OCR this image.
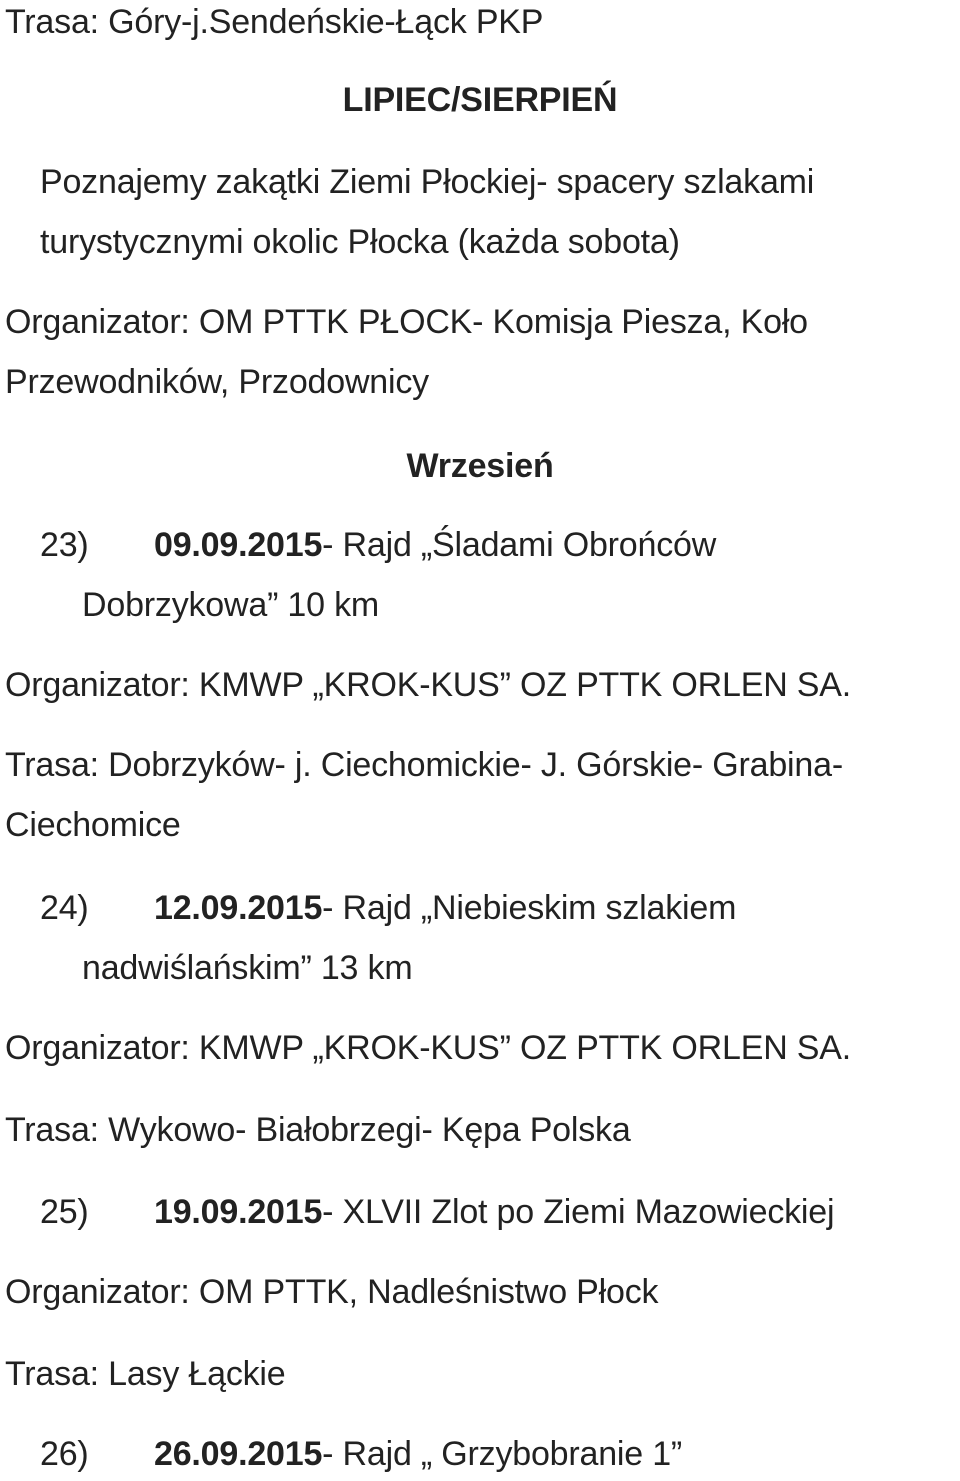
Trasa: Góry-j.Sendeńskie-Łąck PKP
LIPIEC/SIERPIEŃ
Poznajemy zakątki Ziemi Płockiej- spacery szlakami
turystycznymi okolic Płocka (każda sobota)
Organizator: OM PTTK PŁOCK- Komisja Piesza, Koło
Przewodników, Przodownicy
Wrzesień
23) 09.09.2015- Rajd „Śladami Obrońców
Dobrzykowa” 10 km
Organizator: KMWP „KROK-KUS” OZ PTTK ORLEN SA.
Trasa: Dobrzyków- j. Ciechomickie- J. Górskie- Grabina-
Ciechomice
24) 12.09.2015- Rajd „Niebieskim szlakiem
nadwiślańskim” 13 km
Organizator: KMWP „KROK-KUS” OZ PTTK ORLEN SA.
Trasa: Wykowo- Białobrzegi- Kępa Polska
25) 19.09.2015- XLVII Zlot po Ziemi Mazowieckiej
Organizator: OM PTTK, Nadleśnistwo Płock
Trasa: Lasy Łąckie
26) 26.09.2015- Rajd „ Grzybobranie 1”
